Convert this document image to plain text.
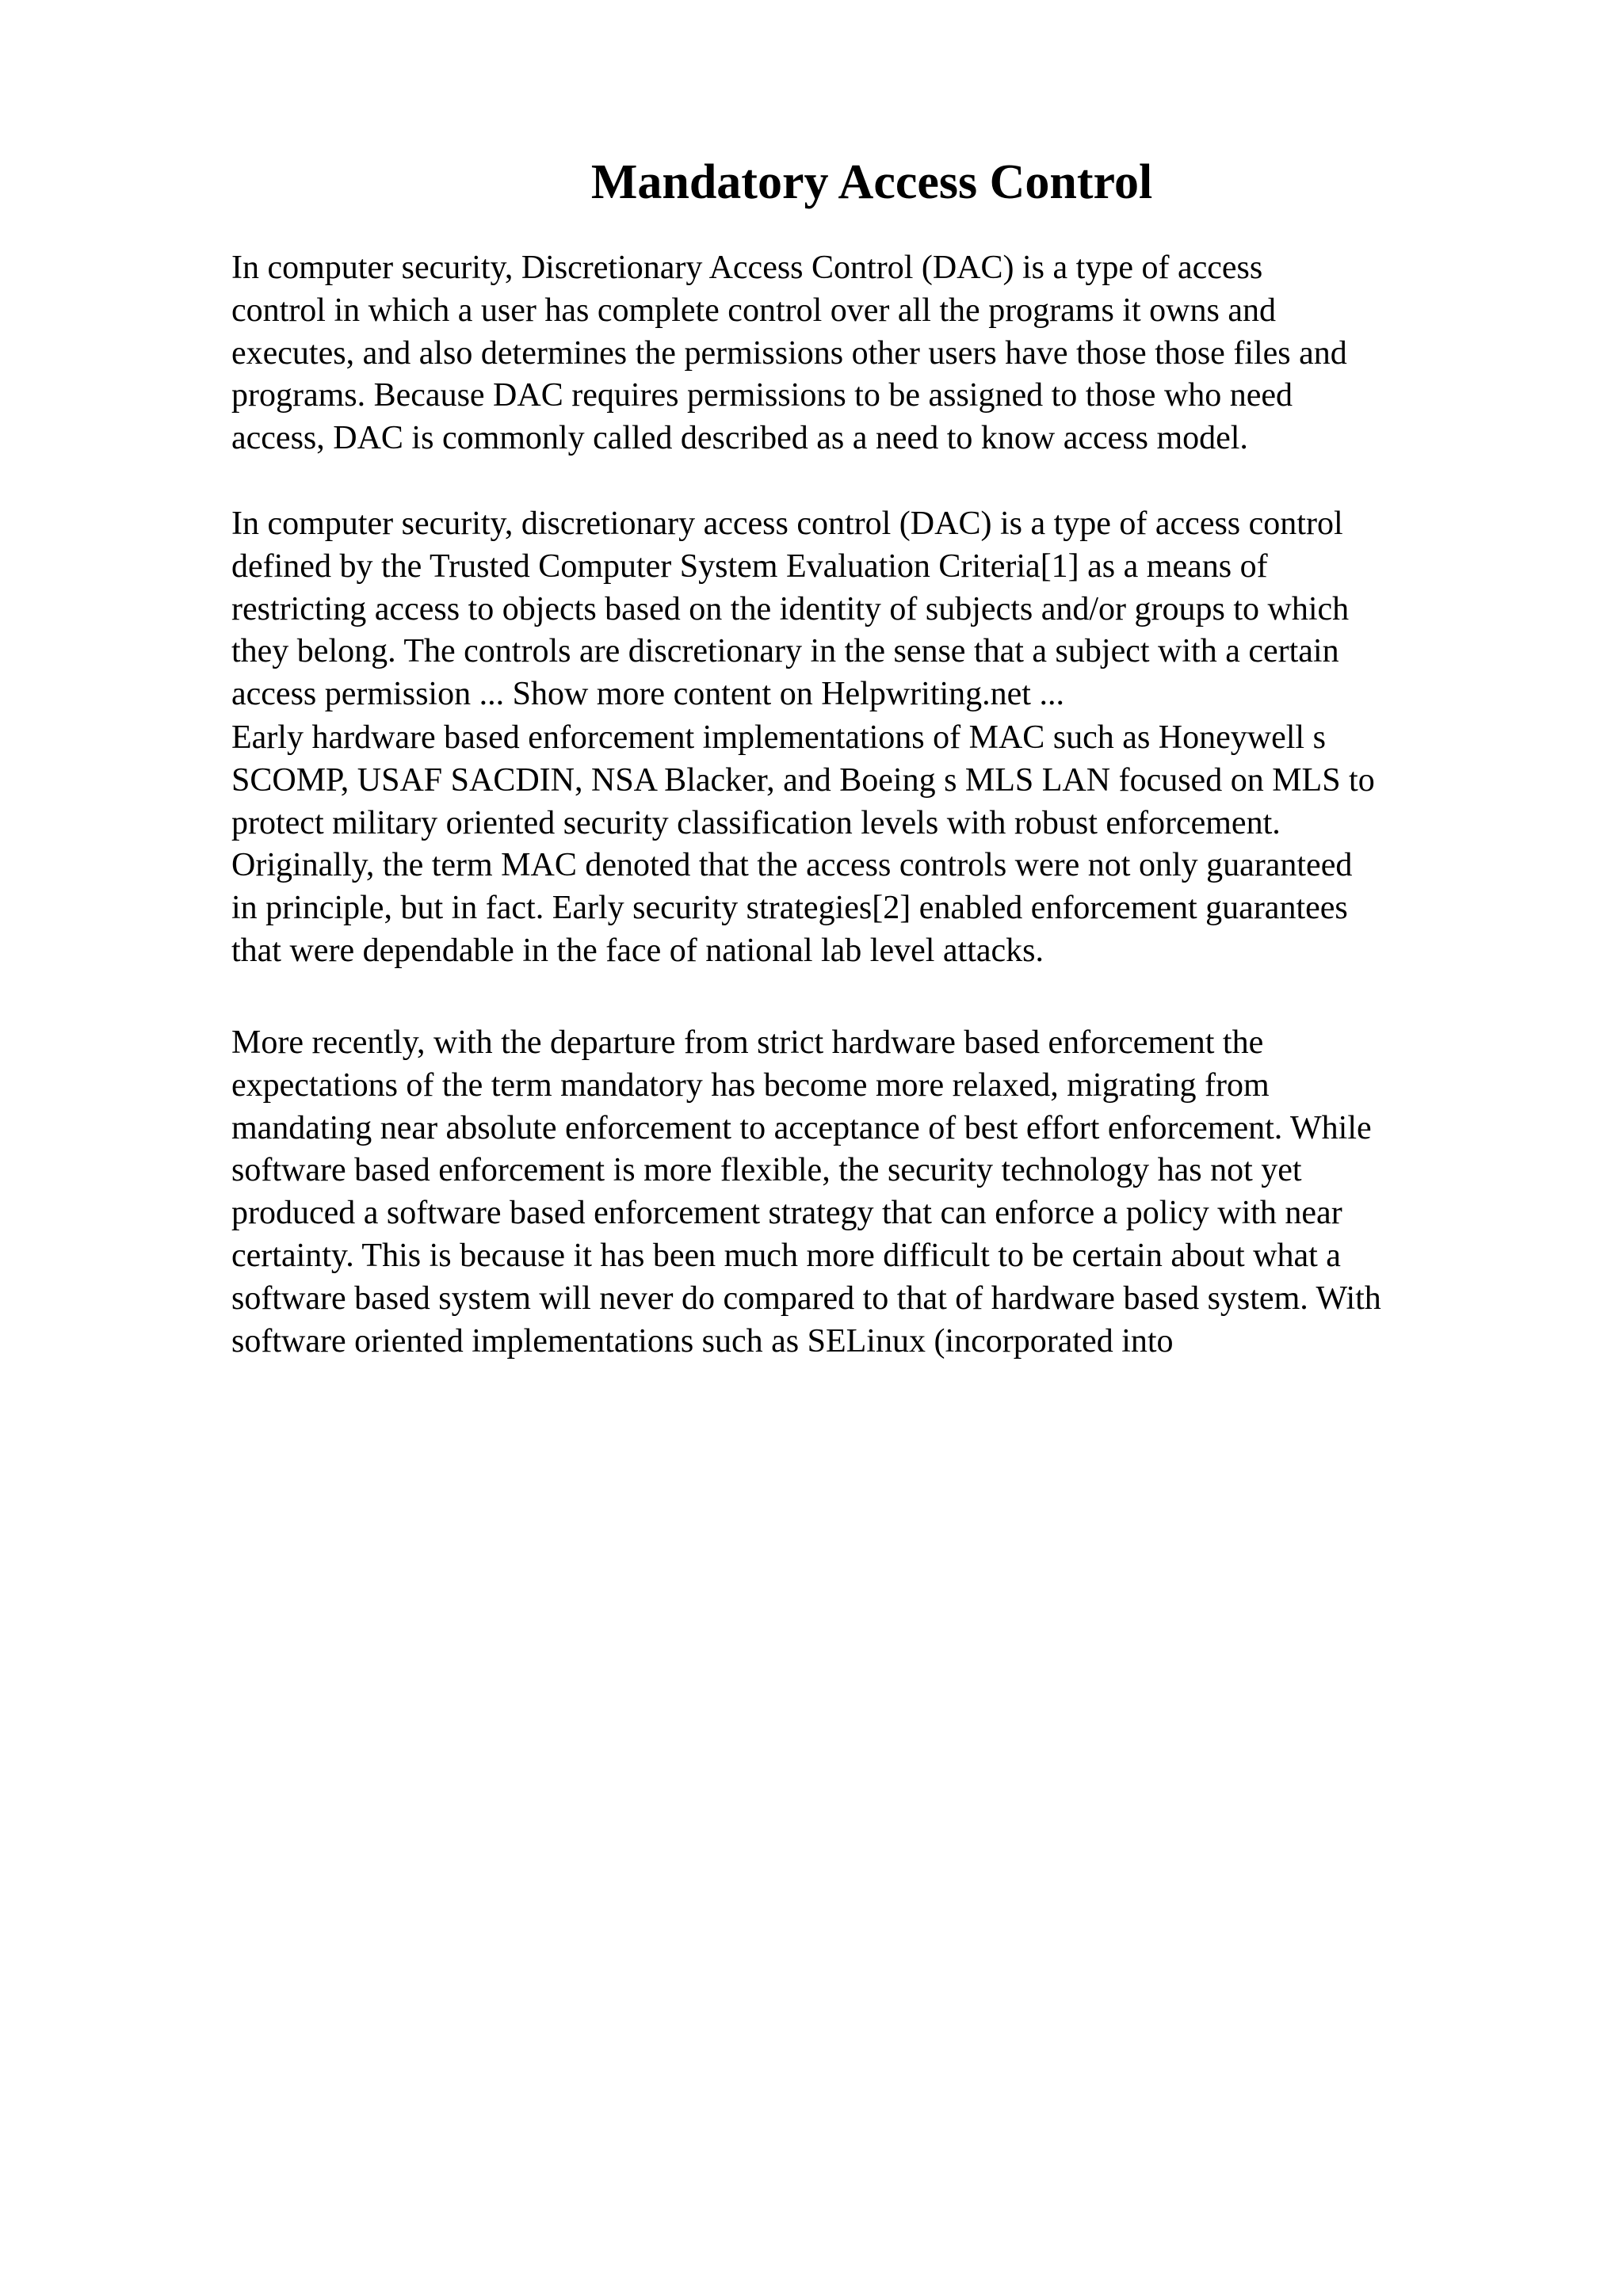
Mandatory Access Control

In computer security, Discretionary Access Control (DAC) is a type of access
control in which a user has complete control over all the programs it owns and
executes, and also determines the permissions other users have those those files and
programs. Because DAC requires permissions to be assigned to those who need
access, DAC is commonly called described as a need to know access model.

In computer security, discretionary access control (DAC) is a type of access control
defined by the Trusted Computer System Evaluation Criteria[1] as a means of
restricting access to objects based on the identity of subjects and/or groups to which
they belong. The controls are discretionary in the sense that a subject with a certain
access permission ... Show more content on Helpwriting.net ...

Early hardware based enforcement implementations of MAC such as Honeywell s
SCOMP, USAF SACDIN, NSA Blacker, and Boeing s MLS LAN focused on MLS to
protect military oriented security classification levels with robust enforcement.
Originally, the term MAC denoted that the access controls were not only guaranteed
in principle, but in fact. Early security strategies[2] enabled enforcement guarantees
that were dependable in the face of national lab level attacks.

More recently, with the departure from strict hardware based enforcement the
expectations of the term mandatory has become more relaxed, migrating from
mandating near absolute enforcement to acceptance of best effort enforcement. While
software based enforcement is more flexible, the security technology has not yet
produced a software based enforcement strategy that can enforce a policy with near
certainty. This is because it has been much more difficult to be certain about what a
software based system will never do compared to that of hardware based system. With
software oriented implementations such as SELinux (incorporated into
